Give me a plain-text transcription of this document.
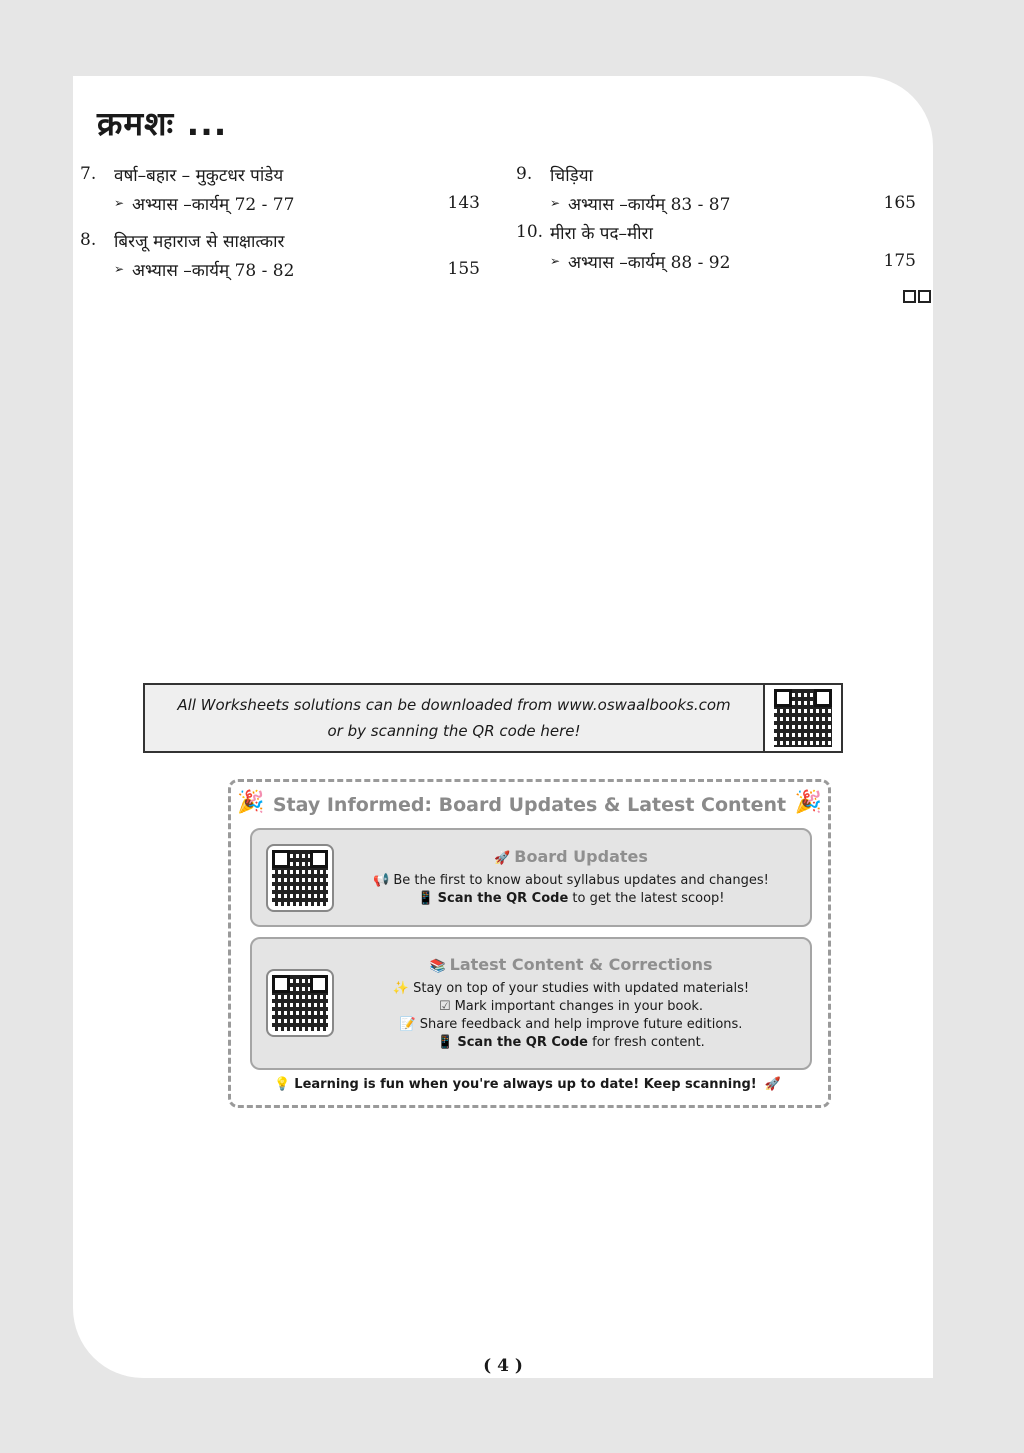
क्रमशः ...
7.	वर्षा–बहार – मुकुटधर पांडेय
➢ अभ्यास –कार्यम् 72 - 77	143
8.	बिरजू महाराज से साक्षात्कार
➢ अभ्यास –कार्यम् 78 - 82	155
9.	चिड़िया
➢ अभ्यास –कार्यम् 83 - 87	165
10. मीरा के पद–मीरा
➢ अभ्यास –कार्यम् 88 - 92	175
( 4 )
All Worksheets solutions can be downloaded from www.oswaalbooks.com
or by scanning the QR code here!
🎉 Stay Informed: Board Updates & Latest Content 🎉
🚀 Board Updates
📢 Be the first to know about syllabus updates and changes!
📱 Scan the QR Code to get the latest scoop!
📚 Latest Content & Corrections
✨ Stay on top of your studies with updated materials!
☑ Mark important changes in your book.
📝 Share feedback and help improve future editions.
📱 Scan the QR Code for fresh content.
💡 Learning is fun when you're always up to date! Keep scanning! 🚀
